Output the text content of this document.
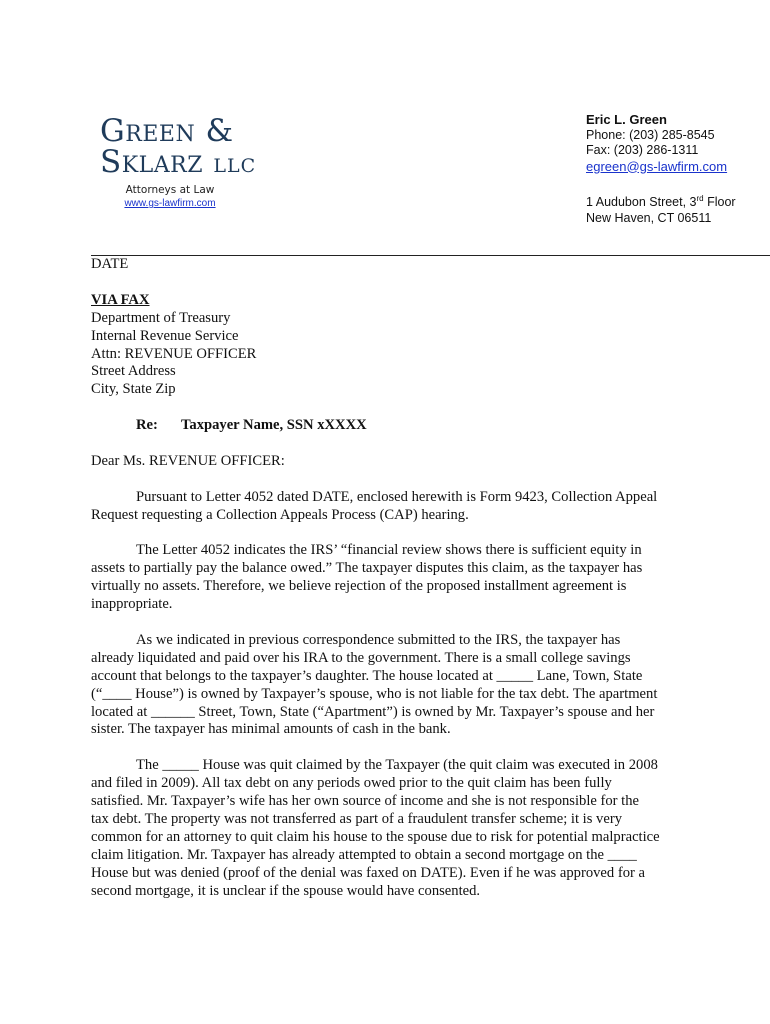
Green &
Sklarz LLC
Attorneys at Law
www.gs-lawfirm.com
Eric L. Green
Phone: (203) 285-8545
Fax: (203) 286-1311
egreen@gs-lawfirm.com
1 Audubon Street, 3rd Floor
New Haven, CT 06511

DATE

VIA FAX

Department of Treasury

Internal Revenue Service

Attn: REVENUE OFFICER

Street Address

City, State Zip

Re: Taxpayer Name, SSN xXXXX

Dear Ms. REVENUE OFFICER:

Pursuant to Letter 4052 dated DATE, enclosed herewith is Form 9423, Collection Appeal

Request requesting a Collection Appeals Process (CAP) hearing.

The Letter 4052 indicates the IRS’ “financial review shows there is sufficient equity in

assets to partially pay the balance owed.” The taxpayer disputes this claim, as the taxpayer has

virtually no assets. Therefore, we believe rejection of the proposed installment agreement is

inappropriate.

As we indicated in previous correspondence submitted to the IRS, the taxpayer has

already liquidated and paid over his IRA to the government. There is a small college savings

account that belongs to the taxpayer’s daughter. The house located at _____ Lane, Town, State

(“____ House”) is owned by Taxpayer’s spouse, who is not liable for the tax debt. The apartment

located at ______ Street, Town, State (“Apartment”) is owned by Mr. Taxpayer’s spouse and her

sister. The taxpayer has minimal amounts of cash in the bank.

The _____ House was quit claimed by the Taxpayer (the quit claim was executed in 2008

and filed in 2009). All tax debt on any periods owed prior to the quit claim has been fully

satisfied. Mr. Taxpayer’s wife has her own source of income and she is not responsible for the

tax debt. The property was not transferred as part of a fraudulent transfer scheme; it is very

common for an attorney to quit claim his house to the spouse due to risk for potential malpractice

claim litigation. Mr. Taxpayer has already attempted to obtain a second mortgage on the ____

House but was denied (proof of the denial was faxed on DATE). Even if he was approved for a

second mortgage, it is unclear if the spouse would have consented.
